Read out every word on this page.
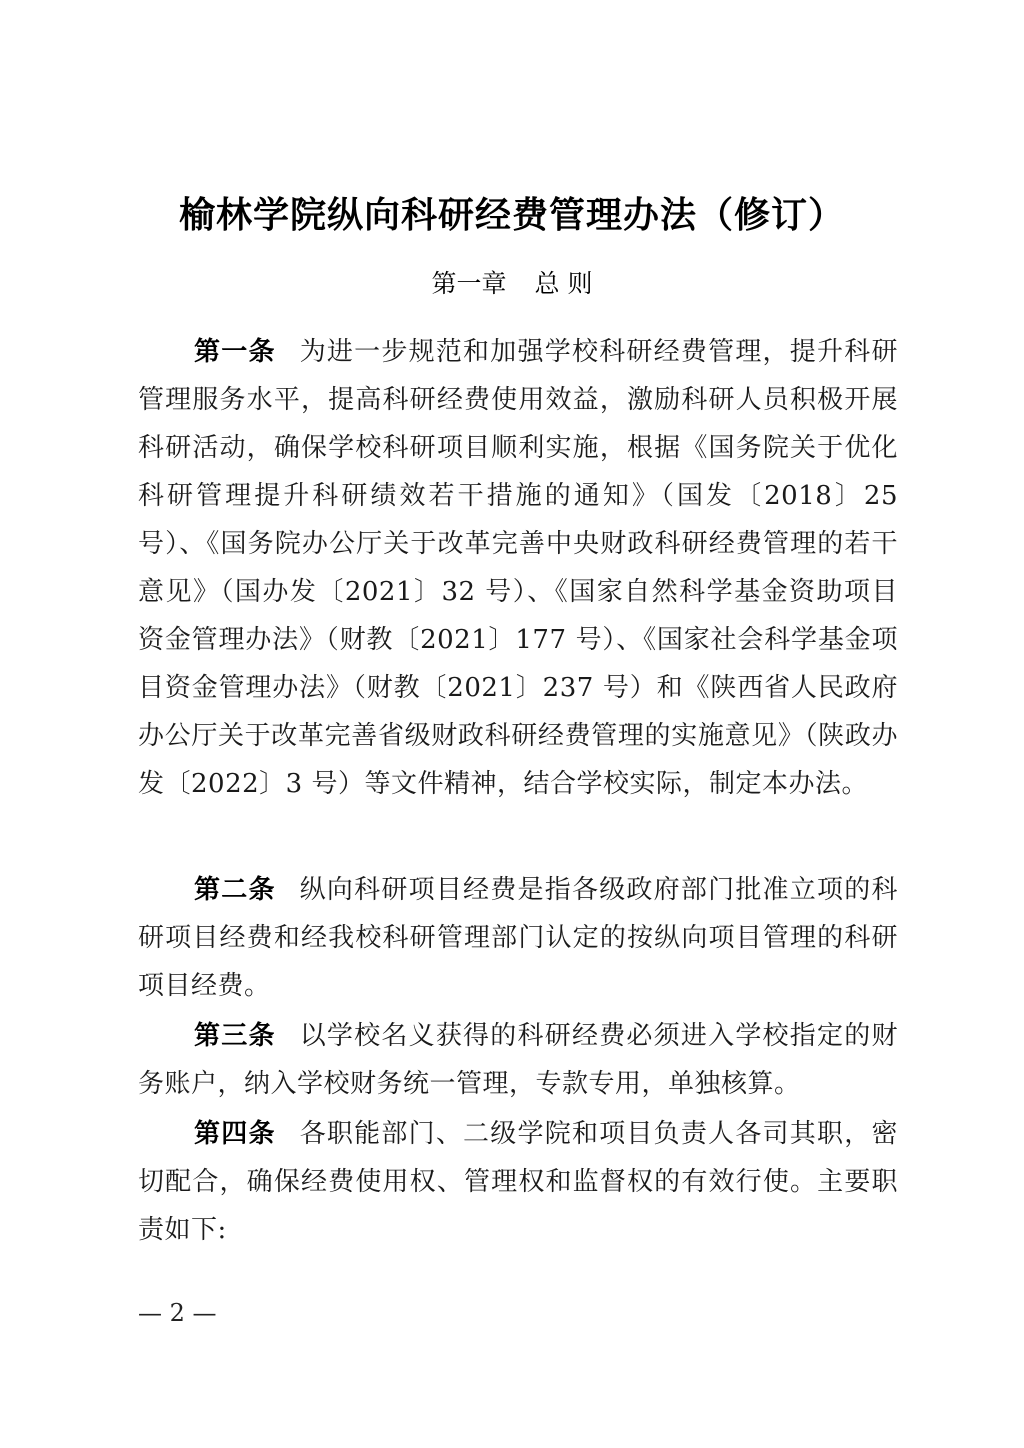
榆林学院纵向科研经费管理办法（修订）
第一章 总 则

第一条 为进一步规范和加强学校科研经费管理，提升科研管理服务水平，提高科研经费使用效益，激励科研人员积极开展科研活动，确保学校科研项目顺利实施，根据《国务院关于优化科研管理提升科研绩效若干措施的通知》（国发〔2018〕25号）、《国务院办公厅关于改革完善中央财政科研经费管理的若干意见》（国办发〔2021〕32 号）、《国家自然科学基金资助项目资金管理办法》（财教〔2021〕177 号）、《国家社会科学基金项目资金管理办法》（财教〔2021〕237 号）和《陕西省人民政府办公厅关于改革完善省级财政科研经费管理的实施意见》（陕政办发〔2022〕3 号）等文件精神，结合学校实际，制定本办法。

第二条 纵向科研项目经费是指各级政府部门批准立项的科研项目经费和经我校科研管理部门认定的按纵向项目管理的科研项目经费。

第三条 以学校名义获得的科研经费必须进入学校指定的财务账户，纳入学校财务统一管理，专款专用，单独核算。

第四条 各职能部门、二级学院和项目负责人各司其职，密切配合，确保经费使用权、管理权和监督权的有效行使。主要职责如下:

— 2 —
